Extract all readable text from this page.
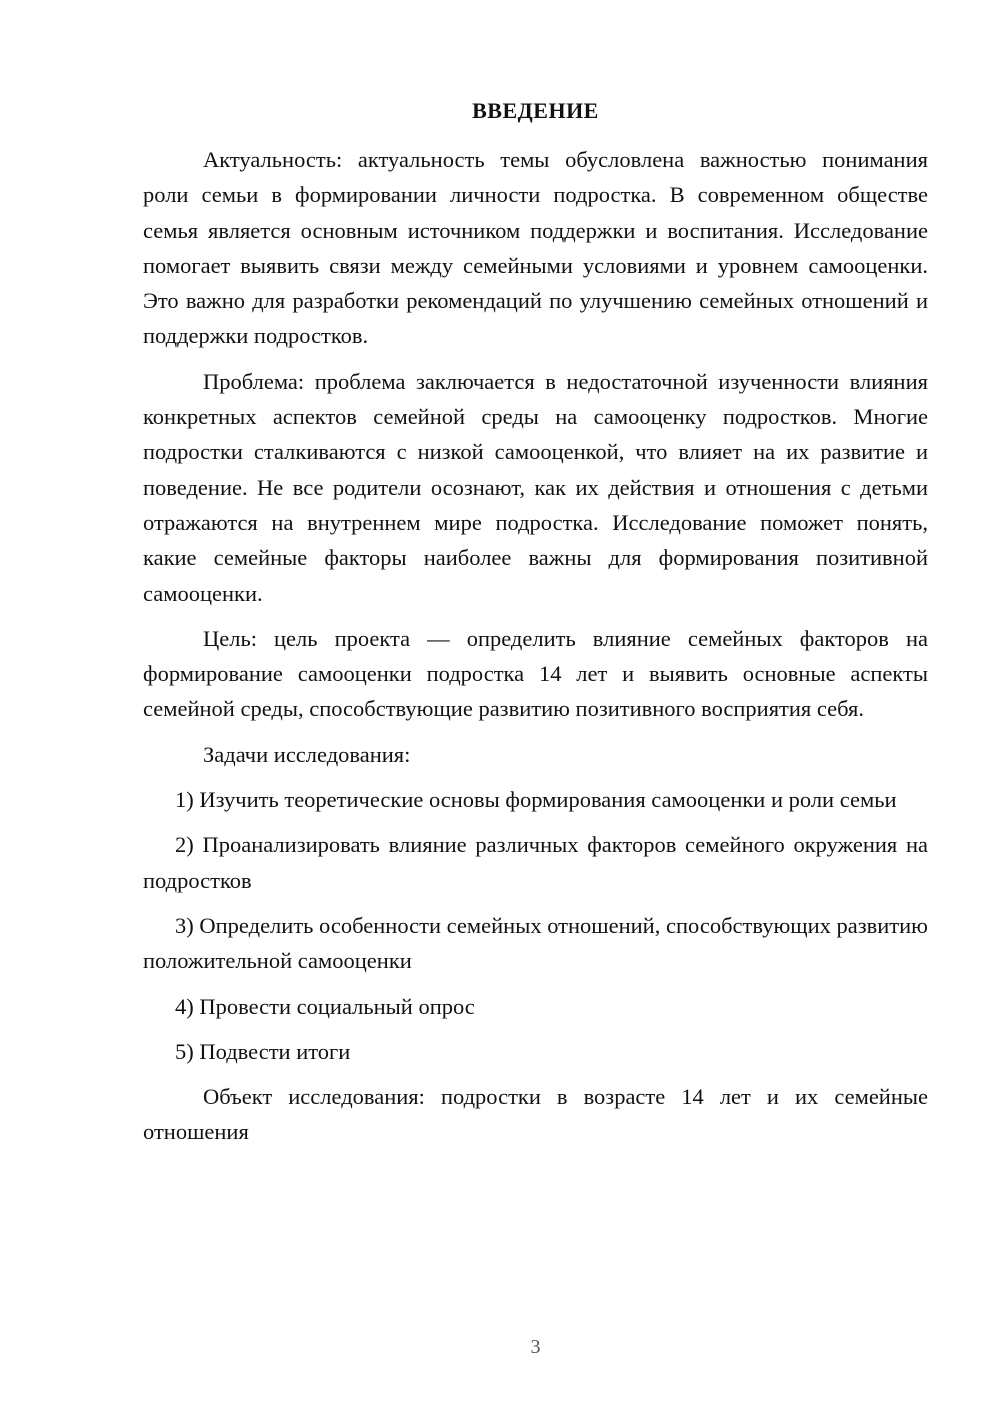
ВВЕДЕНИЕ

Актуальность: актуальность темы обусловлена важностью понимания роли семьи в формировании личности подростка. В современном обществе семья является основным источником поддержки и воспитания. Исследование помогает выявить связи между семейными условиями и уровнем самооценки. Это важно для разработки рекомендаций по улучшению семейных отношений и поддержки подростков.

Проблема: проблема заключается в недостаточной изученности влияния конкретных аспектов семейной среды на самооценку подростков. Многие подростки сталкиваются с низкой самооценкой, что влияет на их развитие и поведение. Не все родители осознают, как их действия и отношения с детьми отражаются на внутреннем мире подростка. Исследование поможет понять, какие семейные факторы наиболее важны для формирования позитивной самооценки.

Цель: цель проекта — определить влияние семейных факторов на формирование самооценки подростка 14 лет и выявить основные аспекты семейной среды, способствующие развитию позитивного восприятия себя.

Задачи исследования:

1) Изучить теоретические основы формирования самооценки и роли семьи

2) Проанализировать влияние различных факторов семейного окружения на подростков

3) Определить особенности семейных отношений, способствующих развитию положительной самооценки

4) Провести социальный опрос

5) Подвести итоги

Объект исследования: подростки в возрасте 14 лет и их семейные отношения

3
